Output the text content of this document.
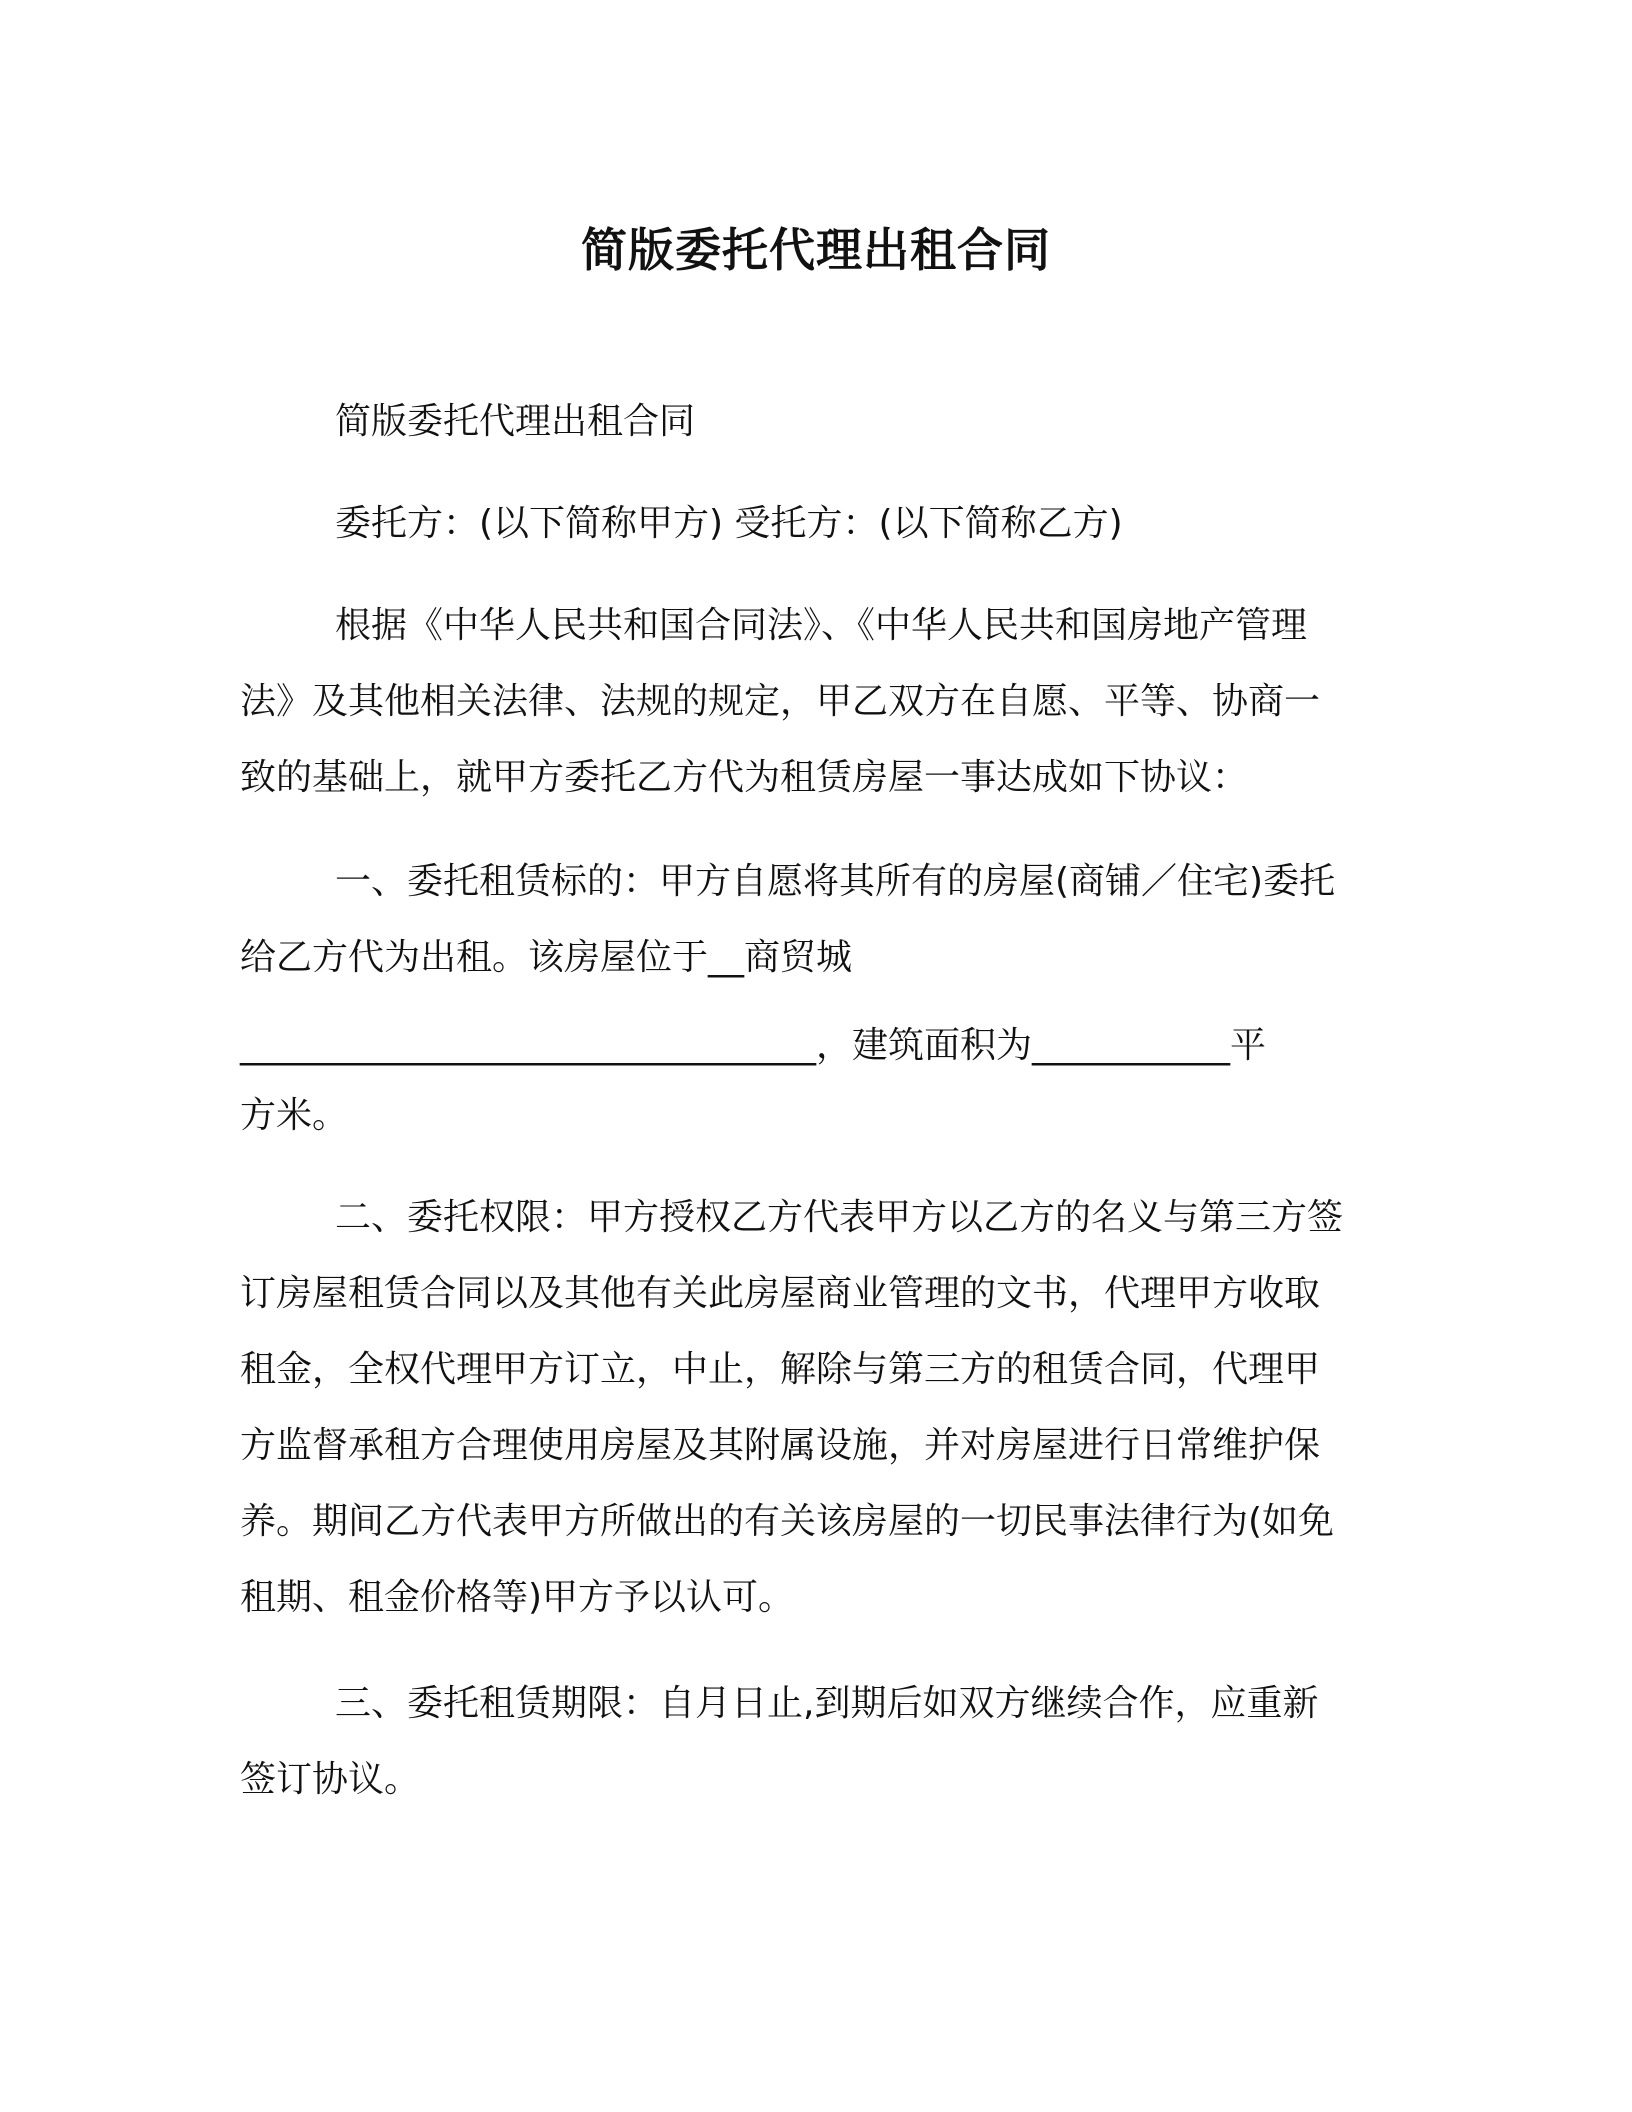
简版委托代理出租合同

简版委托代理出租合同

委托方：(以下简称甲方) 受托方：(以下简称乙方)

根据《中华人民共和国合同法》、《中华人民共和国房地产管理

法》及其他相关法律、法规的规定，甲乙双方在自愿、平等、协商一

致的基础上，就甲方委托乙方代为租赁房屋一事达成如下协议：

一、委托租赁标的：甲方自愿将其所有的房屋(商铺／住宅)委托

给乙方代为出租。该房屋位于__商贸城

________________________________，建筑面积为___________平

方米。

二、委托权限：甲方授权乙方代表甲方以乙方的名义与第三方签

订房屋租赁合同以及其他有关此房屋商业管理的文书，代理甲方收取

租金，全权代理甲方订立，中止，解除与第三方的租赁合同，代理甲

方监督承租方合理使用房屋及其附属设施，并对房屋进行日常维护保

养。期间乙方代表甲方所做出的有关该房屋的一切民事法律行为(如免

租期、租金价格等)甲方予以认可。

三、委托租赁期限：自月日止,到期后如双方继续合作，应重新

签订协议。
